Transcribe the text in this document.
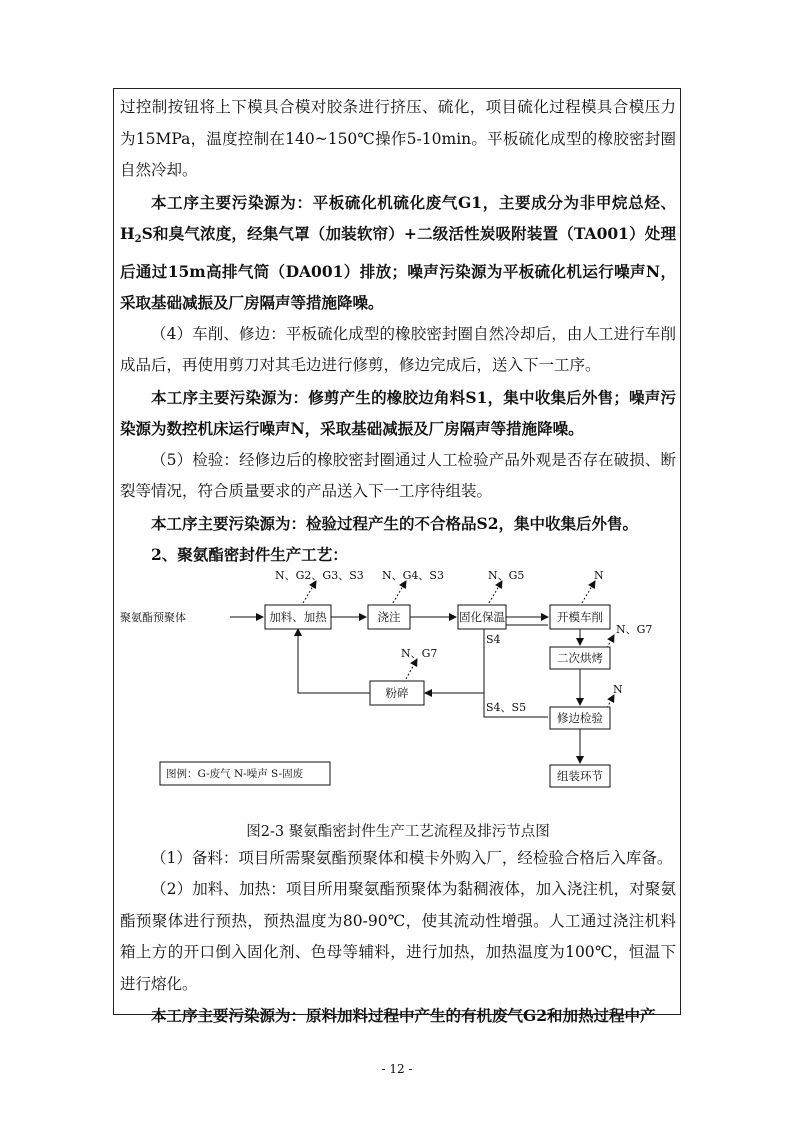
过控制按钮将上下模具合模对胶条进行挤压、硫化，项目硫化过程模具合模压力为15MPa，温度控制在140~150℃操作5-10min。平板硫化成型的橡胶密封圈自然冷却。

本工序主要污染源为：平板硫化机硫化废气G1，主要成分为非甲烷总烃、$H_2S$和臭气浓度，经集气罩（加装软帘）+二级活性炭吸附装置（TA001）处理后通过15m高排气筒（DA001）排放；噪声污染源为平板硫化机运行噪声N，采取基础减振及厂房隔声等措施降噪。

（4）车削、修边：平板硫化成型的橡胶密封圈自然冷却后，由人工进行车削成品后，再使用剪刀对其毛边进行修剪，修边完成后，送入下一工序。

本工序主要污染源为：修剪产生的橡胶边角料S1，集中收集后外售；噪声污染源为数控机床运行噪声N，采取基础减振及厂房隔声等措施降噪。

（5）检验：经修边后的橡胶密封圈通过人工检验产品外观是否存在破损、断裂等情况，符合质量要求的产品送入下一工序待组装。

本工序主要污染源为：检验过程产生的不合格品S2，集中收集后外售。

2、聚氨酯密封件生产工艺：

加料、加热	浇注	固化保温	开模车削
二次烘烤
修边检验
粉碎
组装环节
聚氨酯预聚体
N、G2、G3、S3 N、G4、S3	N、G5	N
N、G7
N
N、G7
S4
S4、S5
图例：G-废气 N-噪声 S-固废

图2-3 聚氨酯密封件生产工艺流程及排污节点图

（1）备料：项目所需聚氨酯预聚体和模卡外购入厂，经检验合格后入库备。

（2）加料、加热：项目所用聚氨酯预聚体为黏稠液体，加入浇注机，对聚氨酯预聚体进行预热，预热温度为80-90℃，使其流动性增强。人工通过浇注机料箱上方的开口倒入固化剂、色母等辅料，进行加热，加热温度为100℃，恒温下进行熔化。

本工序主要污染源为：原料加料过程中产生的有机废气G2和加热过程中产

- 12 -
